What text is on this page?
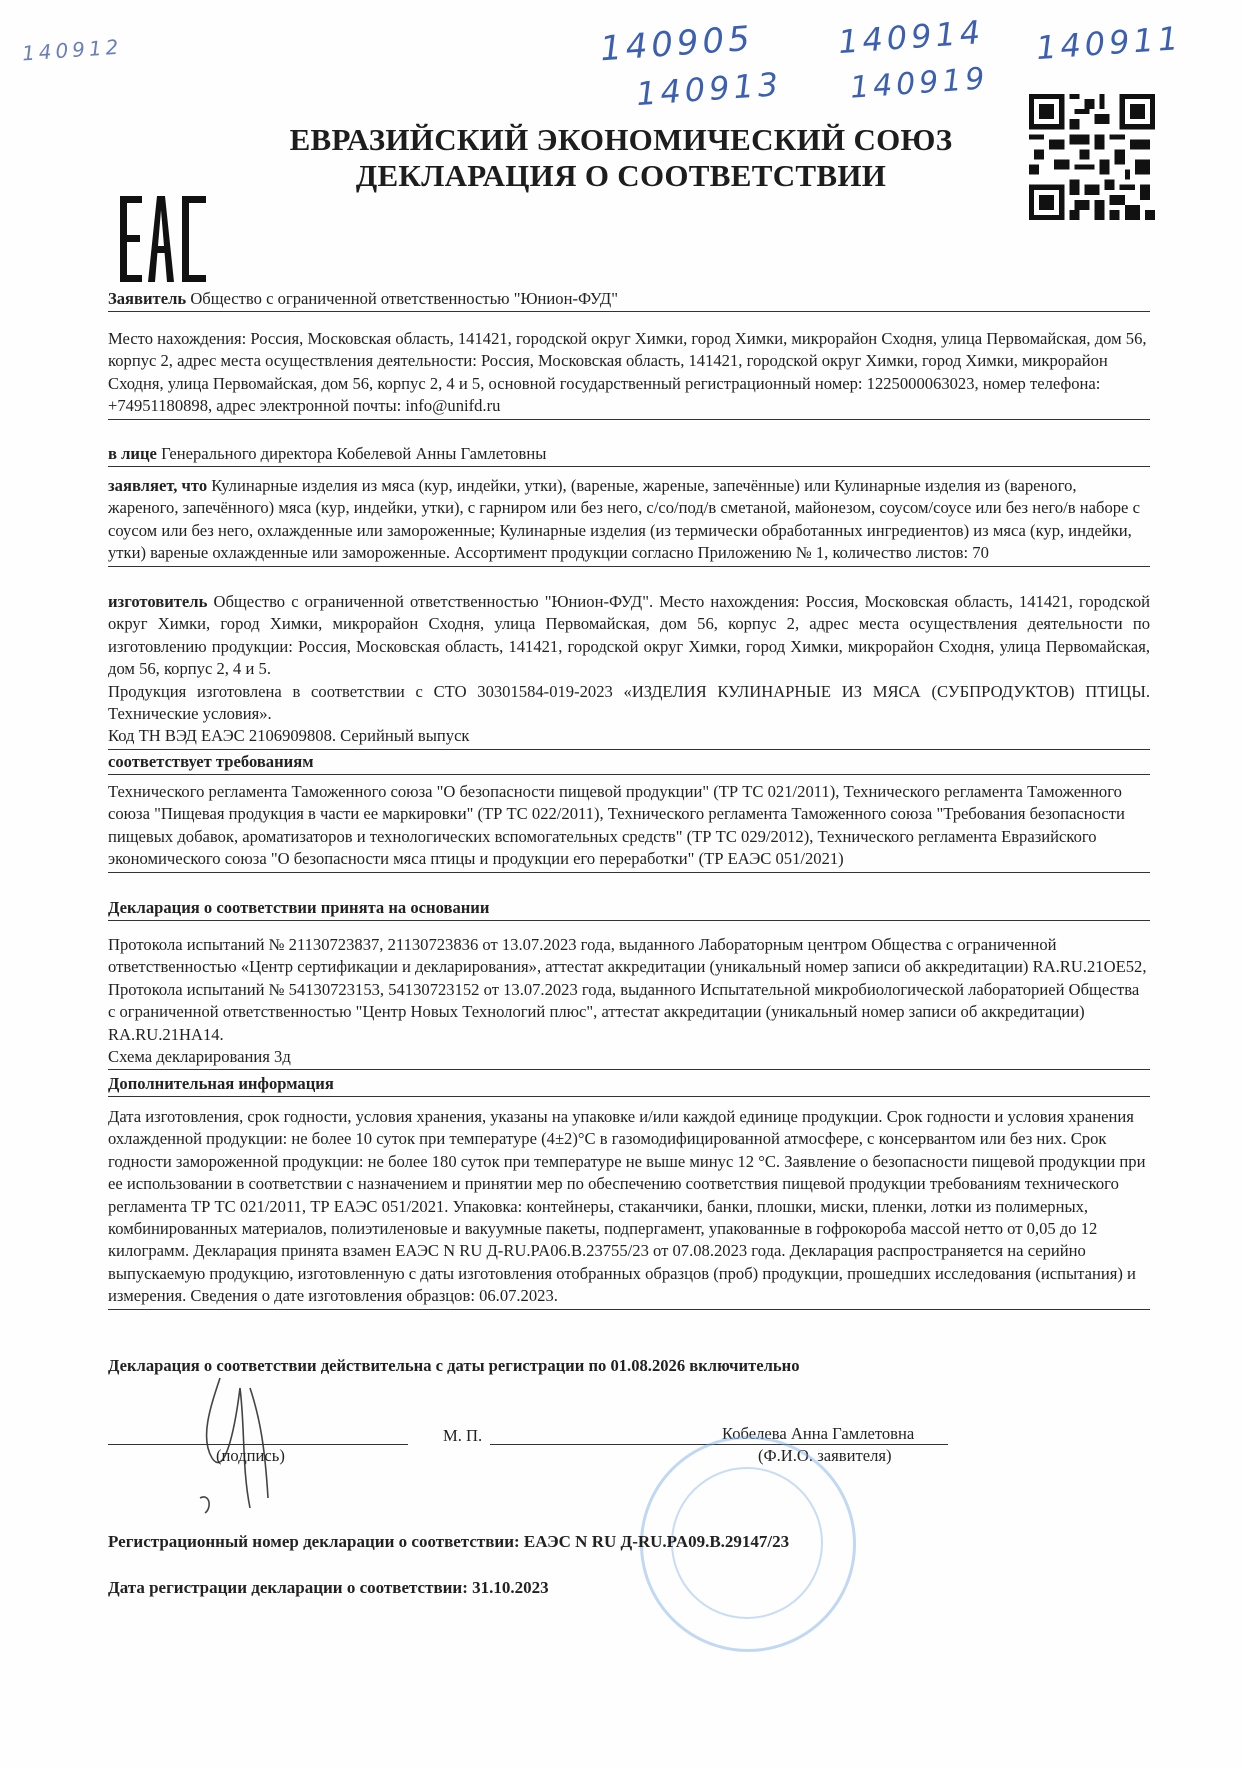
140912	140905	140914 140911
140913 140919
ЕВРАЗИЙСКИЙ ЭКОНОМИЧЕСКИЙ СОЮЗ
ДЕКЛАРАЦИЯ О СООТВЕТСТВИИ
Заявитель Общество с ограниченной ответственностью "Юнион-ФУД"
Место нахождения: Россия, Московская область, 141421, городской округ Химки, город Химки, микрорайон Сходня, улица Первомайская, дом 56, корпус 2, адрес места осуществления деятельности: Россия, Московская область, 141421, городской округ Химки, город Химки, микрорайон Сходня, улица Первомайская, дом 56, корпус 2, 4 и 5, основной государственный регистрационный номер: 1225000063023, номер телефона: +74951180898, адрес электронной почты: info@unifd.ru
в лице Генерального директора Кобелевой Анны Гамлетовны
заявляет, что Кулинарные изделия из мяса (кур, индейки, утки), (вареные, жареные, запечённые) или Кулинарные изделия из (вареного, жареного, запечённого) мяса (кур, индейки, утки), с гарниром или без него, с/со/под/в сметаной, майонезом, соусом/соусе или без него/в наборе с соусом или без него, охлажденные или замороженные; Кулинарные изделия (из термически обработанных ингредиентов) из мяса (кур, индейки, утки) вареные охлажденные или замороженные. Ассортимент продукции согласно Приложению № 1, количество листов: 70
изготовитель Общество с ограниченной ответственностью "Юнион-ФУД". Место нахождения: Россия, Московская область, 141421, городской округ Химки, город Химки, микрорайон Сходня, улица Первомайская, дом 56, корпус 2, адрес места осуществления деятельности по изготовлению продукции: Россия, Московская область, 141421, городской округ Химки, город Химки, микрорайон Сходня, улица Первомайская, дом 56, корпус 2, 4 и 5.
Продукция изготовлена в соответствии с СТО 30301584-019-2023 «ИЗДЕЛИЯ КУЛИНАРНЫЕ ИЗ МЯСА (СУБПРОДУКТОВ) ПТИЦЫ. Технические условия».
Код ТН ВЭД ЕАЭС 2106909808. Серийный выпуск
соответствует требованиям
Технического регламента Таможенного союза "О безопасности пищевой продукции" (ТР ТС 021/2011), Технического регламента Таможенного союза "Пищевая продукция в части ее маркировки" (ТР ТС 022/2011), Технического регламента Таможенного союза "Требования безопасности пищевых добавок, ароматизаторов и технологических вспомогательных средств" (ТР ТС 029/2012), Технического регламента Евразийского экономического союза "О безопасности мяса птицы и продукции его переработки" (ТР ЕАЭС 051/2021)
Декларация о соответствии принята на основании
Протокола испытаний № 21130723837, 21130723836 от 13.07.2023 года, выданного Лабораторным центром Общества с ограниченной ответственностью «Центр сертификации и декларирования», аттестат аккредитации (уникальный номер записи об аккредитации) RA.RU.21OE52, Протокола испытаний № 54130723153, 54130723152 от 13.07.2023 года, выданного Испытательной микробиологической лабораторией Общества с ограниченной ответственностью "Центр Новых Технологий плюс", аттестат аккредитации (уникальный номер записи об аккредитации) RA.RU.21HA14.
Схема декларирования 3д
Дополнительная информация
Дата изготовления, срок годности, условия хранения, указаны на упаковке и/или каждой единице продукции. Срок годности и условия хранения охлажденной продукции: не более 10 суток при температуре (4±2)°С в газомодифицированной атмосфере, с консервантом или без них. Срок годности замороженной продукции: не более 180 суток при температуре не выше минус 12 °С. Заявление о безопасности пищевой продукции при ее использовании в соответствии с назначением и принятии мер по обеспечению соответствия пищевой продукции требованиям технического регламента ТР ТС 021/2011, ТР ЕАЭС 051/2021. Упаковка: контейнеры, стаканчики, банки, плошки, миски, пленки, лотки из полимерных, комбинированных материалов, полиэтиленовые и вакуумные пакеты, подпергамент, упакованные в гофрокороба массой нетто от 0,05 до 12 килограмм. Декларация принята взамен ЕАЭС N RU Д-RU.PA06.B.23755/23 от 07.08.2023 года. Декларация распространяется на серийно выпускаемую продукцию, изготовленную с даты изготовления отобранных образцов (проб) продукции, прошедших исследования (испытания) и измерения. Сведения о дате изготовления образцов: 06.07.2023.
Декларация о соответствии действительна с даты регистрации по 01.08.2026 включительно
(подпись)
М. П.	Кобелева Анна Гамлетовна
(Ф.И.О. заявителя)
Регистрационный номер декларации о соответствии: ЕАЭС N RU Д-RU.PA09.B.29147/23
Дата регистрации декларации о соответствии: 31.10.2023
